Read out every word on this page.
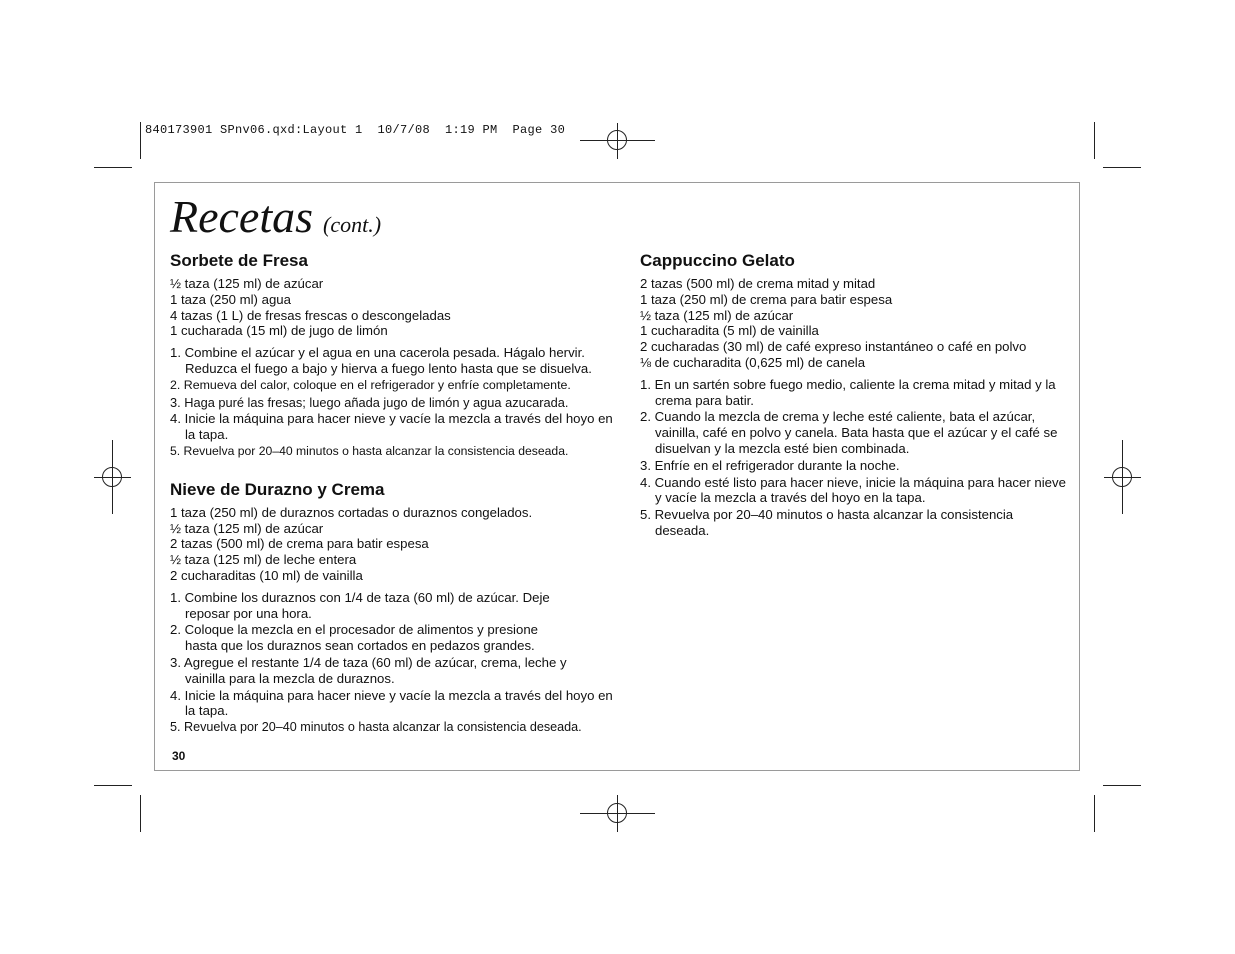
840173901 SPnv06.qxd:Layout 1  10/7/08  1:19 PM  Page 30
Recetas (cont.)
Sorbete de Fresa
½ taza (125 ml) de azúcar
1 taza (250 ml) agua
4 tazas (1 L) de fresas frescas o descongeladas
1 cucharada (15 ml) de jugo de limón
1. Combine el azúcar y el agua en una cacerola pesada. Hágalo hervir. Reduzca el fuego a bajo y hierva a fuego lento hasta que se disuelva.
2. Remueva del calor, coloque en el refrigerador y enfríe completamente.
3. Haga puré las fresas; luego añada jugo de limón y agua azucarada.
4. Inicie la máquina para hacer nieve y vacíe la mezcla a través del hoyo en la tapa.
5. Revuelva por 20–40 minutos o hasta alcanzar la consistencia deseada.
Nieve de Durazno y Crema
1 taza (250 ml) de duraznos cortadas o duraznos congelados.
½ taza (125 ml) de azúcar
2 tazas (500 ml) de crema para batir espesa
½ taza (125 ml) de leche entera
2 cucharaditas (10 ml) de vainilla
1. Combine los duraznos con 1/4 de taza (60 ml) de azúcar. Deje reposar por una hora.
2. Coloque la mezcla en el procesador de alimentos y presione hasta que los duraznos sean cortados en pedazos grandes.
3. Agregue el restante 1/4 de taza (60 ml) de azúcar, crema, leche y vainilla para la mezcla de duraznos.
4. Inicie la máquina para hacer nieve y vacíe la mezcla a través del hoyo en la tapa.
5. Revuelva por 20–40 minutos o hasta alcanzar la consistencia deseada.
Cappuccino Gelato
2 tazas (500 ml) de crema mitad y mitad
1 taza (250 ml) de crema para batir espesa
½ taza (125 ml) de azúcar
1 cucharadita (5 ml) de vainilla
2 cucharadas (30 ml) de café expreso instantáneo o café en polvo
⅛ de cucharadita (0,625 ml) de canela
1. En un sartén sobre fuego medio, caliente la crema mitad y mitad y la crema para batir.
2. Cuando la mezcla de crema y leche esté caliente, bata el azúcar, vainilla, café en polvo y canela. Bata hasta que el azúcar y el café se disuelvan y la mezcla esté bien combinada.
3. Enfríe en el refrigerador durante la noche.
4. Cuando esté listo para hacer nieve, inicie la máquina para hacer nieve y vacíe la mezcla a través del hoyo en la tapa.
5. Revuelva por 20–40 minutos o hasta alcanzar la consistencia deseada.
30
